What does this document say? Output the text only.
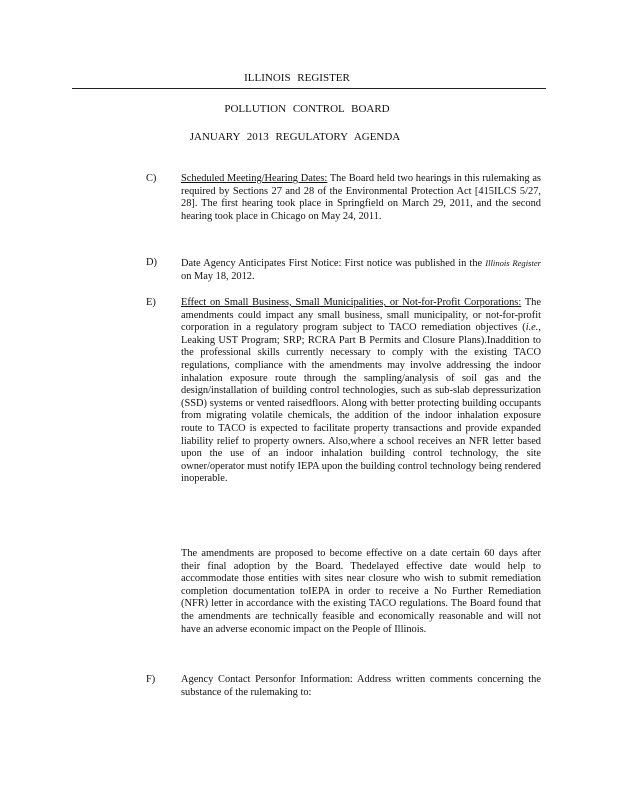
ILLINOIS REGISTER
POLLUTION CONTROL BOARD
JANUARY 2013 REGULATORY AGENDA
C) Scheduled Meeting/Hearing Dates: The Board held two hearings in this rulemaking as required by Sections 27 and 28 of the Environmental Protection Act [415ILCS 5/27, 28]. The first hearing took place in Springfield on March 29, 2011, and the second hearing took place in Chicago on May 24, 2011.
D) Date Agency Anticipates First Notice: First notice was published in the Illinois Register on May 18, 2012.
E) Effect on Small Business, Small Municipalities, or Not-for-Profit Corporations: The amendments could impact any small business, small municipality, or not-for-profit corporation in a regulatory program subject to TACO remediation objectives (i.e., Leaking UST Program; SRP; RCRA Part B Permits and Closure Plans).Inaddition to the professional skills currently necessary to comply with the existing TACO regulations, compliance with the amendments may involve addressing the indoor inhalation exposure route through the sampling/analysis of soil gas and the design/installation of building control technologies, such as sub-slab depressurization (SSD) systems or vented raisedfloors. Along with better protecting building occupants from migrating volatile chemicals, the addition of the indoor inhalation exposure route to TACO is expected to facilitate property transactions and provide expanded liability relief to property owners. Also,where a school receives an NFR letter based upon the use of an indoor inhalation building control technology, the site owner/operator must notify IEPA upon the building control technology being rendered inoperable.
The amendments are proposed to become effective on a date certain 60 days after their final adoption by the Board. Thedelayed effective date would help to accommodate those entities with sites near closure who wish to submit remediation completion documentation toIEPA in order to receive a No Further Remediation (NFR) letter in accordance with the existing TACO regulations. The Board found that the amendments are technically feasible and economically reasonable and will not have an adverse economic impact on the People of Illinois.
F) Agency Contact Personfor Information: Address written comments concerning the substance of the rulemaking to:
